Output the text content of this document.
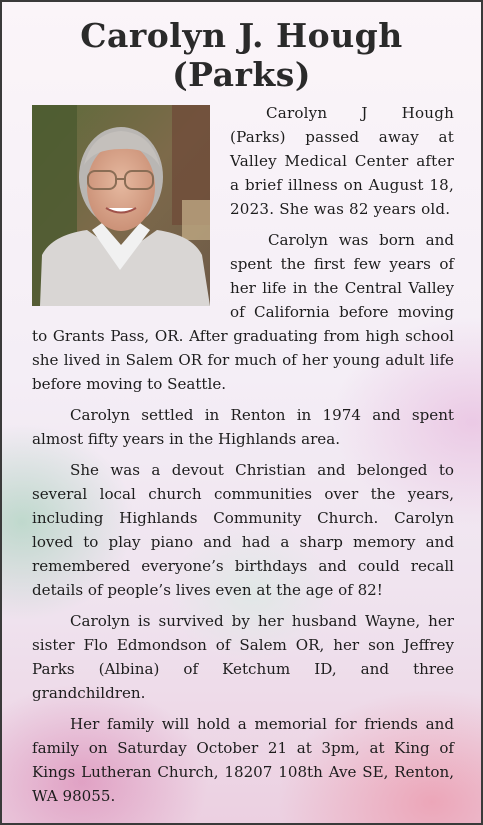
Carolyn J. Hough
(Parks)

Carolyn J Hough (Parks) passed away at Valley Medical Center after a brief illness on August 18, 2023. She was 82 years old.

Carolyn was born and spent the first few years of her life in the Central Valley of California before moving to Grants Pass, OR. After graduating from high school she lived in Salem OR for much of her young adult life before moving to Seattle.

Carolyn settled in Renton in 1974 and spent almost fifty years in the Highlands area.

She was a devout Christian and belonged to several local church communities over the years, including Highlands Community Church. Carolyn loved to play piano and had a sharp memory and remembered everyone’s birthdays and could recall details of people’s lives even at the age of 82!

Carolyn is survived by her husband Wayne, her sister Flo Edmondson of Salem OR, her son Jeffrey Parks (Albina) of Ketchum ID, and three grandchildren.

Her family will hold a memorial for friends and family on Saturday October 21 at 3pm, at King of Kings Lutheran Church, 18207 108th Ave SE, Renton, WA 98055.
